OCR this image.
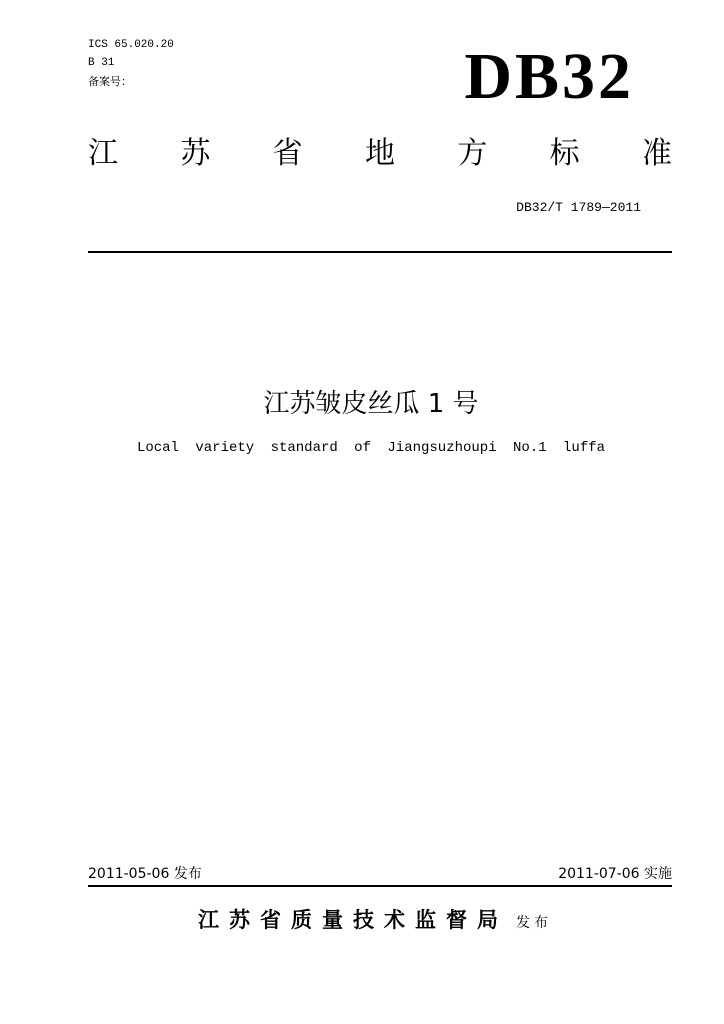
ICS 65.020.20
B 31
备案号：	DB32
江 苏 省 地 方 标 准
DB32/T 1789—2011
江苏皱皮丝瓜 1 号
Local variety standard of Jiangsuzhoupi No.1 luffa
2011-05-06 发布	2011-07-06 实施
江苏省质量技术监督局 发布
